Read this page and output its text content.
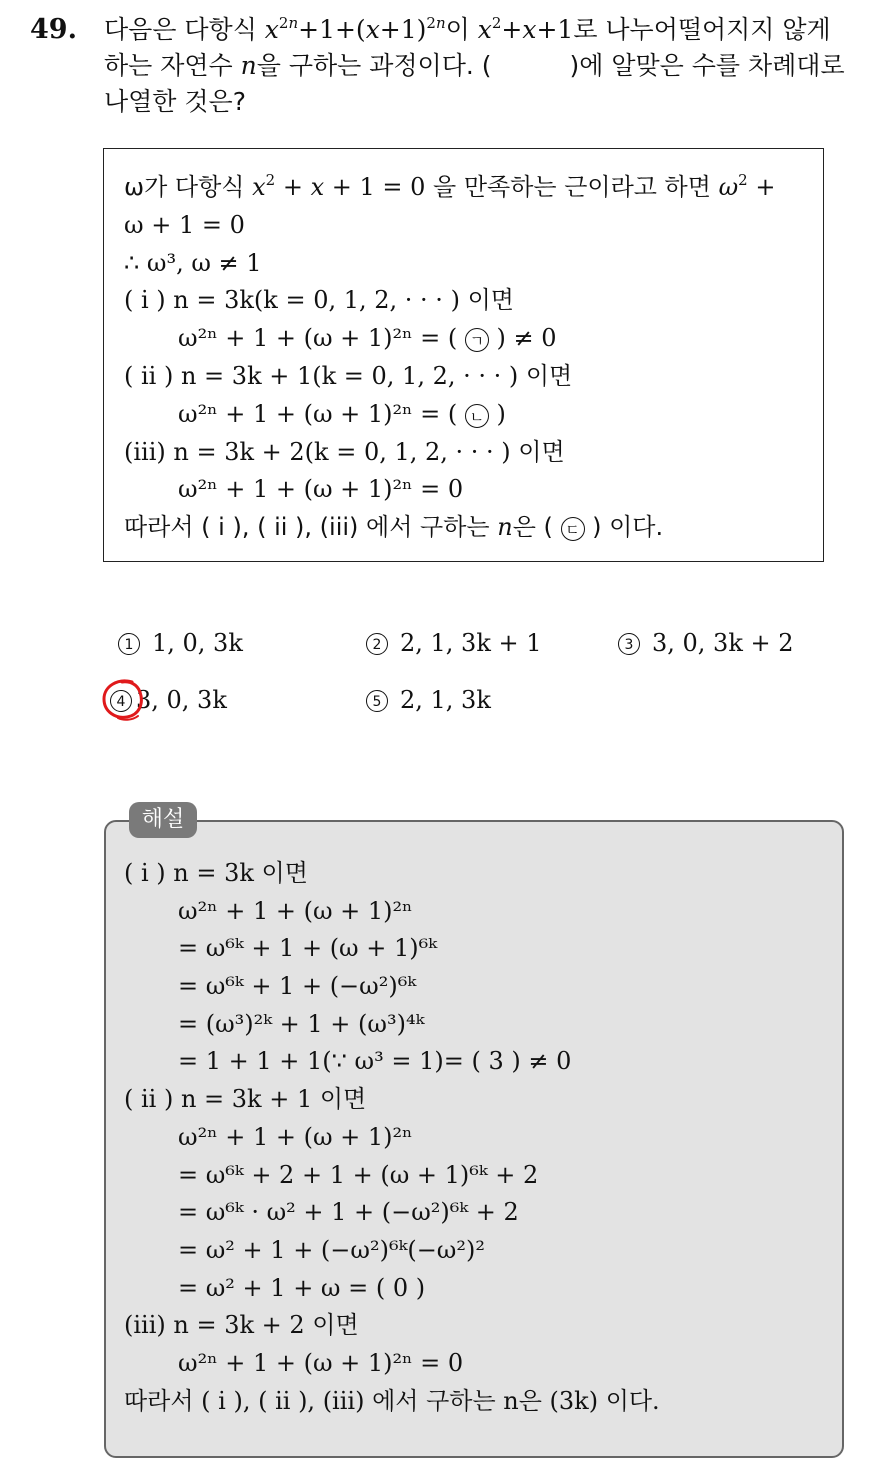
49. 다음은 다항식 $x^{2n}+1+(x+1)^{2n}$이 $x^2+x+1$로 나누어떨어지지 않게
하는 자연수 n을 구하는 과정이다. (	)에 알맞은 수를 차례대로
나열한 것은?
ω가 다항식 $x^2 + x + 1 = 0$ 을 만족하는 근이라고 하면 $\omega^2$ +
ω + 1 = 0
∴ ω³, ω ≠ 1
( i ) n = 3k(k = 0, 1, 2, · · · ) 이면
ω²ⁿ + 1 + (ω + 1)²ⁿ = ( ㄱ ) ≠ 0
( ii ) n = 3k + 1(k = 0, 1, 2, · · · ) 이면
ω²ⁿ + 1 + (ω + 1)²ⁿ = ( ㄴ )
(iii) n = 3k + 2(k = 0, 1, 2, · · · ) 이면
ω²ⁿ + 1 + (ω + 1)²ⁿ = 0
따라서 ( i ), ( ii ), (iii) 에서 구하는 n은 ( ㄷ ) 이다.
1 1, 0, 3k	2 2, 1, 3k + 1	3 3, 0, 3k + 2
4 3, 0, 3k	5 2, 1, 3k
해설
( i ) n = 3k 이면
ω²ⁿ + 1 + (ω + 1)²ⁿ
= ω⁶ᵏ + 1 + (ω + 1)⁶ᵏ
= ω⁶ᵏ + 1 + (−ω²)⁶ᵏ
= (ω³)²ᵏ + 1 + (ω³)⁴ᵏ
= 1 + 1 + 1(∵ ω³ = 1)= ( 3 ) ≠ 0
( ii ) n = 3k + 1 이면
ω²ⁿ + 1 + (ω + 1)²ⁿ
= ω⁶ᵏ + 2 + 1 + (ω + 1)⁶ᵏ + 2
= ω⁶ᵏ · ω² + 1 + (−ω²)⁶ᵏ + 2
= ω² + 1 + (−ω²)⁶ᵏ(−ω²)²
= ω² + 1 + ω = ( 0 )
(iii) n = 3k + 2 이면
ω²ⁿ + 1 + (ω + 1)²ⁿ = 0
따라서 ( i ), ( ii ), (iii) 에서 구하는 n은 (3k) 이다.
